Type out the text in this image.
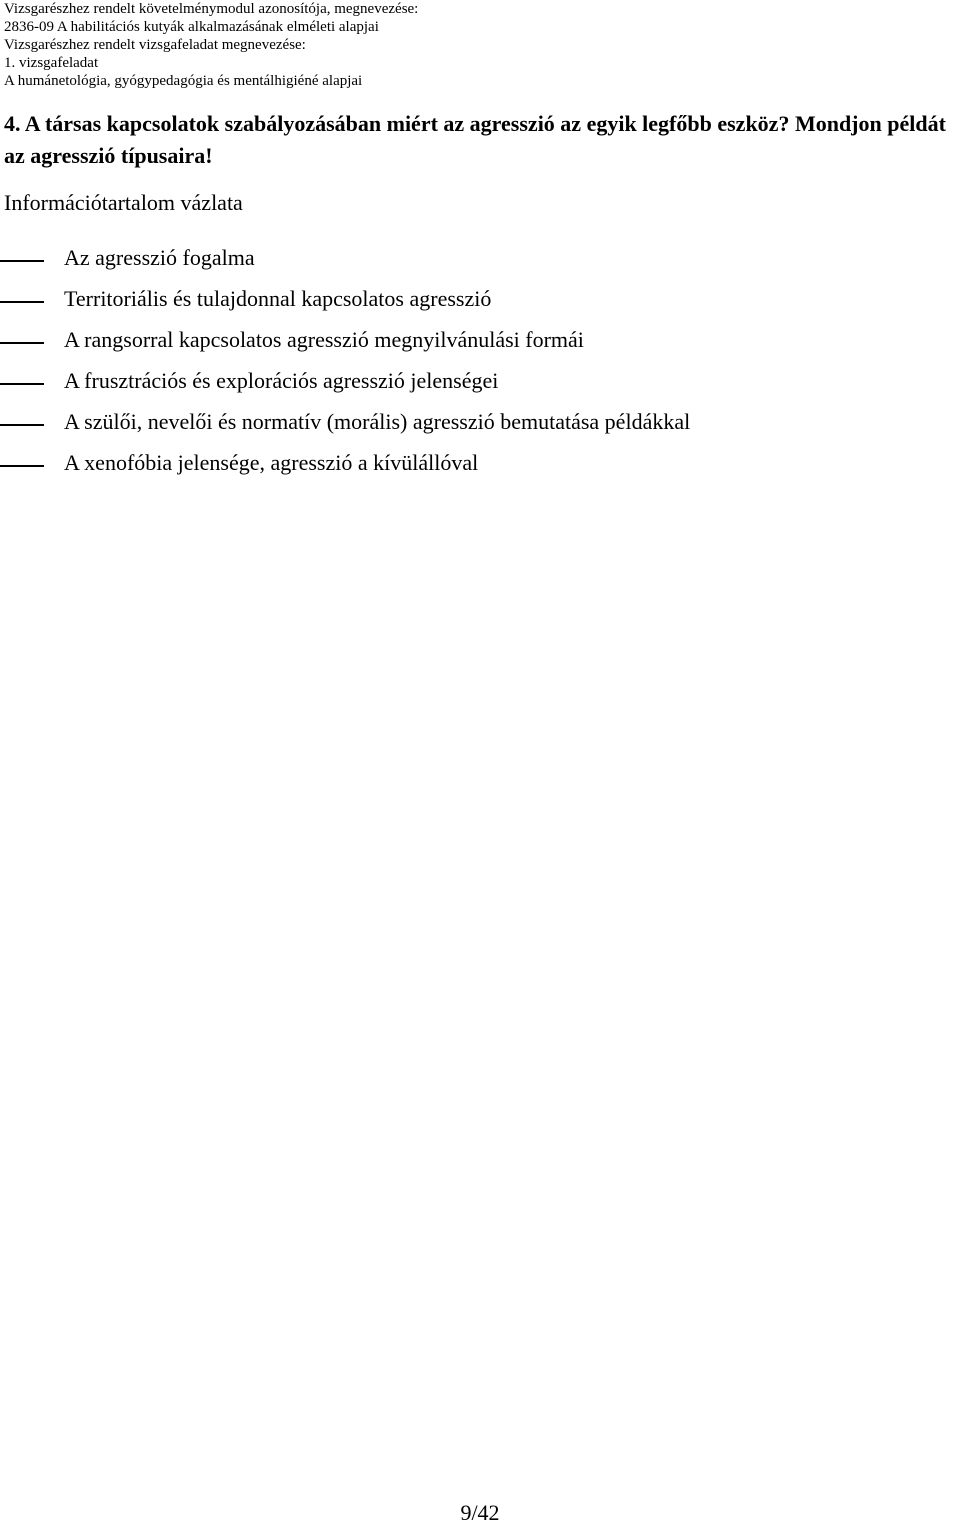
Vizsgarészhez rendelt követelménymodul azonosítója, megnevezése:
2836-09 A habilitációs kutyák alkalmazásának elméleti alapjai
Vizsgarészhez rendelt vizsgafeladat megnevezése:
1. vizsgafeladat
A humánetológia, gyógypedagógia és mentálhigiéné alapjai
4. A társas kapcsolatok szabályozásában miért az agresszió az egyik legfőbb eszköz? Mondjon példát az agresszió típusaira!
Információtartalom vázlata
Az agresszió fogalma
Territoriális és tulajdonnal kapcsolatos agresszió
A rangsorral kapcsolatos agresszió megnyilvánulási formái
A frusztrációs és explorációs agresszió jelenségei
A szülői, nevelői és normatív (morális) agresszió bemutatása példákkal
A xenofóbia jelensége, agresszió a kívülállóval
9/42
